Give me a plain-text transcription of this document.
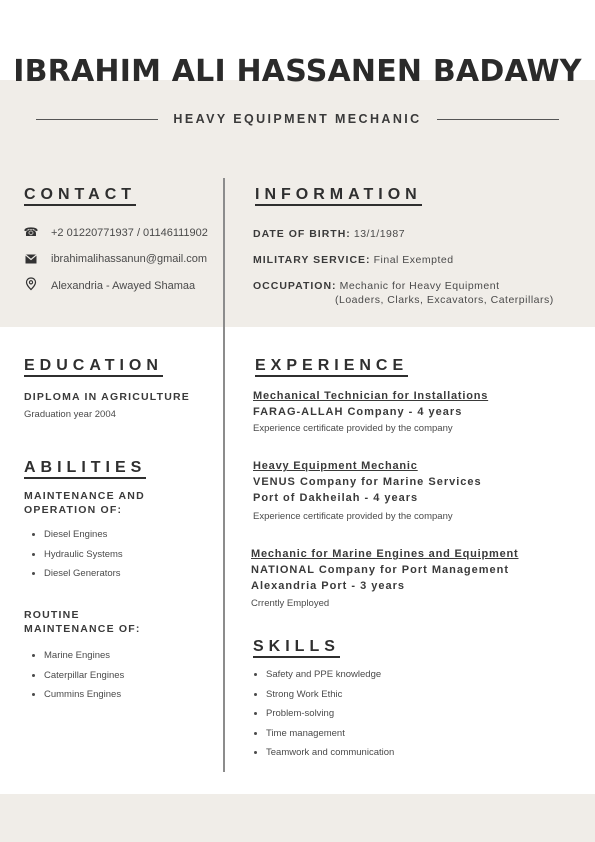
IBRAHIM ALI HASSANEN BADAWY
HEAVY EQUIPMENT MECHANIC
CONTACT
☎ +2 01220771937 / 01146111902
ibrahimalihassanun@gmail.com
Alexandria - Awayed Shamaa
INFORMATION
DATE OF BIRTH: 13/1/1987
MILITARY SERVICE: Final Exempted
OCCUPATION: Mechanic for Heavy Equipment
(Loaders, Clarks, Excavators, Caterpillars)
EDUCATION
DIPLOMA IN AGRICULTURE
Graduation year 2004
ABILITIES
MAINTENANCE AND OPERATION OF:
Diesel Engines
Hydraulic Systems
Diesel Generators
ROUTINE MAINTENANCE OF:
Marine Engines
Caterpillar Engines
Cummins Engines
EXPERIENCE
Mechanical Technician for Installations
FARAG-ALLAH Company - 4 years
Experience certificate provided by the company
Heavy Equipment Mechanic
VENUS Company for Marine Services
Port of Dakheilah - 4 years
Experience certificate provided by the company
Mechanic for Marine Engines and Equipment
NATIONAL Company for Port Management
Alexandria Port - 3 years
Crrently Employed
SKILLS
Safety and PPE knowledge
Strong Work Ethic
Problem-solving
Time management
Teamwork and communication
